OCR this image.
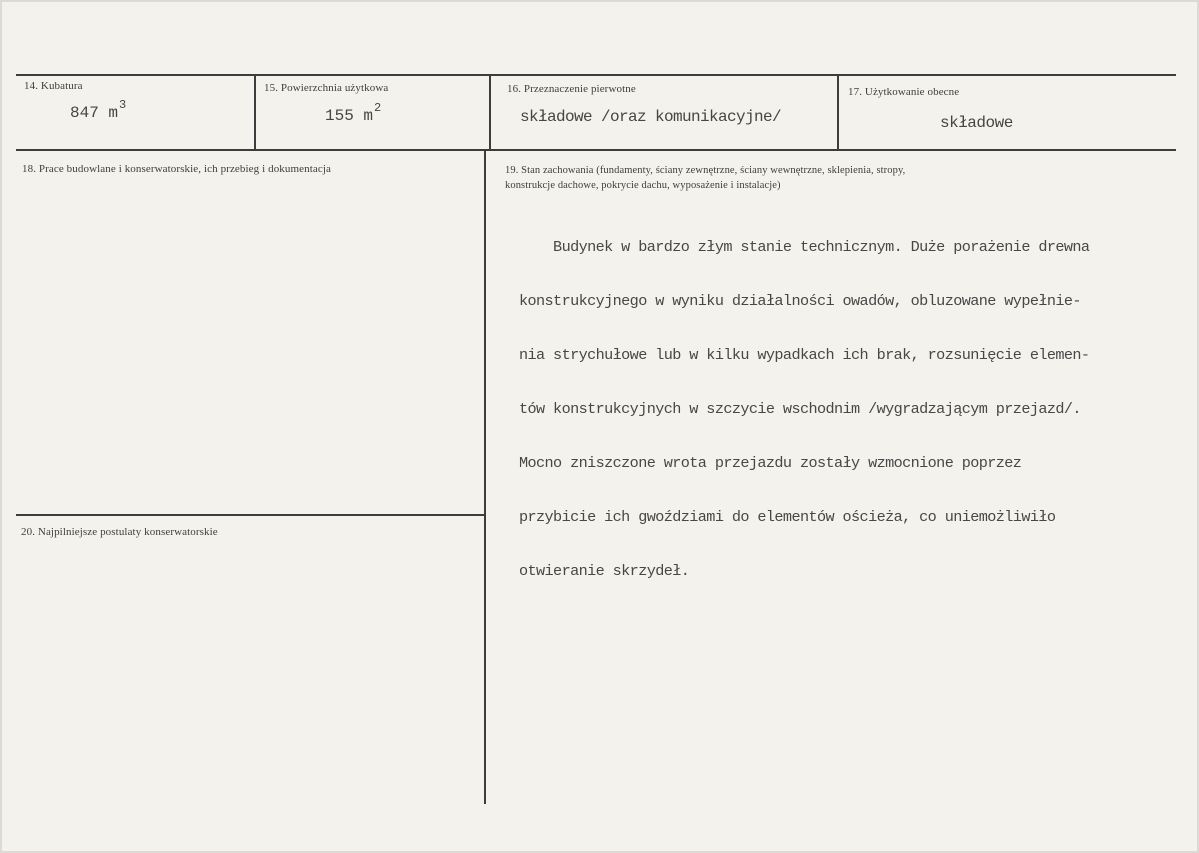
14. Kubatura
847 $m^3$
15. Powierzchnia użytkowa
155 $m^2$
16. Przeznaczenie pierwotne
składowe /oraz komunikacyjne/
17. Użytkowanie obecne
składowe
18. Prace budowlane i konserwatorskie, ich przebieg i dokumentacja	19. Stan zachowania (fundamenty, ściany zewnętrzne, ściany wewnętrzne, sklepienia, stropy,
konstrukcje dachowe, pokrycie dachu, wyposażenie i instalacje)

Budynek w bardzo złym stanie technicznym. Duże porażenie drewna

konstrukcyjnego w wyniku działalności owadów, obluzowane wypełnie-

nia strychułowe lub w kilku wypadkach ich brak, rozsunięcie elemen-

tów konstrukcyjnych w szczycie wschodnim /wygradzającym przejazd/.

Mocno zniszczone wrota przejazdu zostały wzmocnione poprzez

przybicie ich gwoździami do elementów ościeża, co uniemożliwiło

otwieranie skrzydeł.

20. Najpilniejsze postulaty konserwatorskie
